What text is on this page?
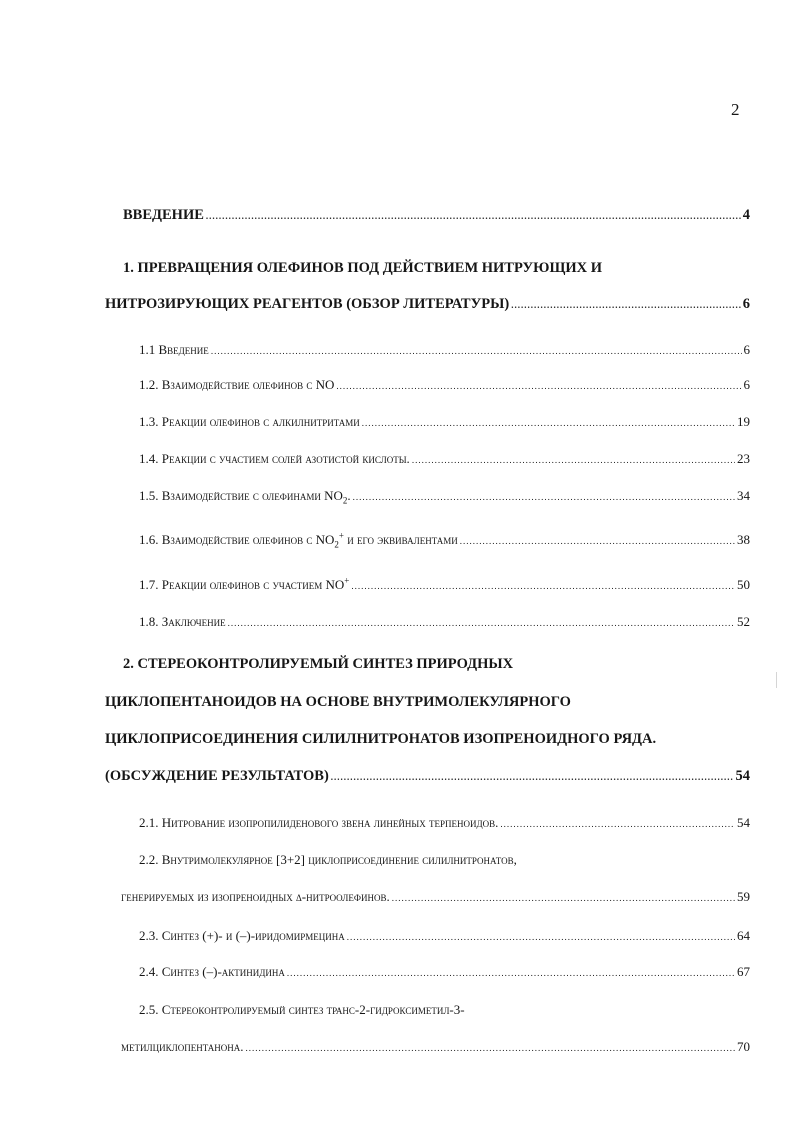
2
ВВЕДЕНИЕ .....	4
1. ПРЕВРАЩЕНИЯ ОЛЕФИНОВ ПОД ДЕЙСТВИЕМ НИТРУЮЩИХ И
НИТРОЗИРУЮЩИХ РЕАГЕНТОВ (ОБЗОР ЛИТЕРАТУРЫ) .....	6
1.1 Введение .....	6
1.2. Взаимодействие олефинов с NO .....	6
1.3. Реакции олефинов с алкилнитритами .....	19
1.4. Реакции с участием солей азотистой кислоты. .....	23
1.5. Взаимодействие с олефинами $NO_2$. .....	34
1.6. Взаимодействие олефинов с $NO_2^+$ и его эквивалентами .....	38
1.7. Реакции олефинов с участием NO+ .....	50
1.8. Заключение .....	52
2. СТЕРЕОКОНТРОЛИРУЕМЫЙ СИНТЕЗ ПРИРОДНЫХ
ЦИКЛОПЕНТАНОИДОВ НА ОСНОВЕ ВНУТРИМОЛЕКУЛЯРНОГО
ЦИКЛОПРИСОЕДИНЕНИЯ СИЛИЛНИТРОНАТОВ ИЗОПРЕНОИДНОГО РЯДА.
(ОБСУЖДЕНИЕ РЕЗУЛЬТАТОВ) .....	54
2.1. Нитрование изопропилиденового звена линейных терпеноидов. .....	54
2.2. Внутримолекулярное [3+2] циклоприсоединение силилнитронатов,
генерируемых из изопреноидных δ-нитроолефинов. .....	59
2.3. Синтез (+)- и (–)-иридомирмецина .....	64
2.4. Синтез (–)-актинидина .....	67
2.5. Стереоконтролируемый синтез транс-2-гидроксиметил-3-
метилциклопентанона. .....	70
